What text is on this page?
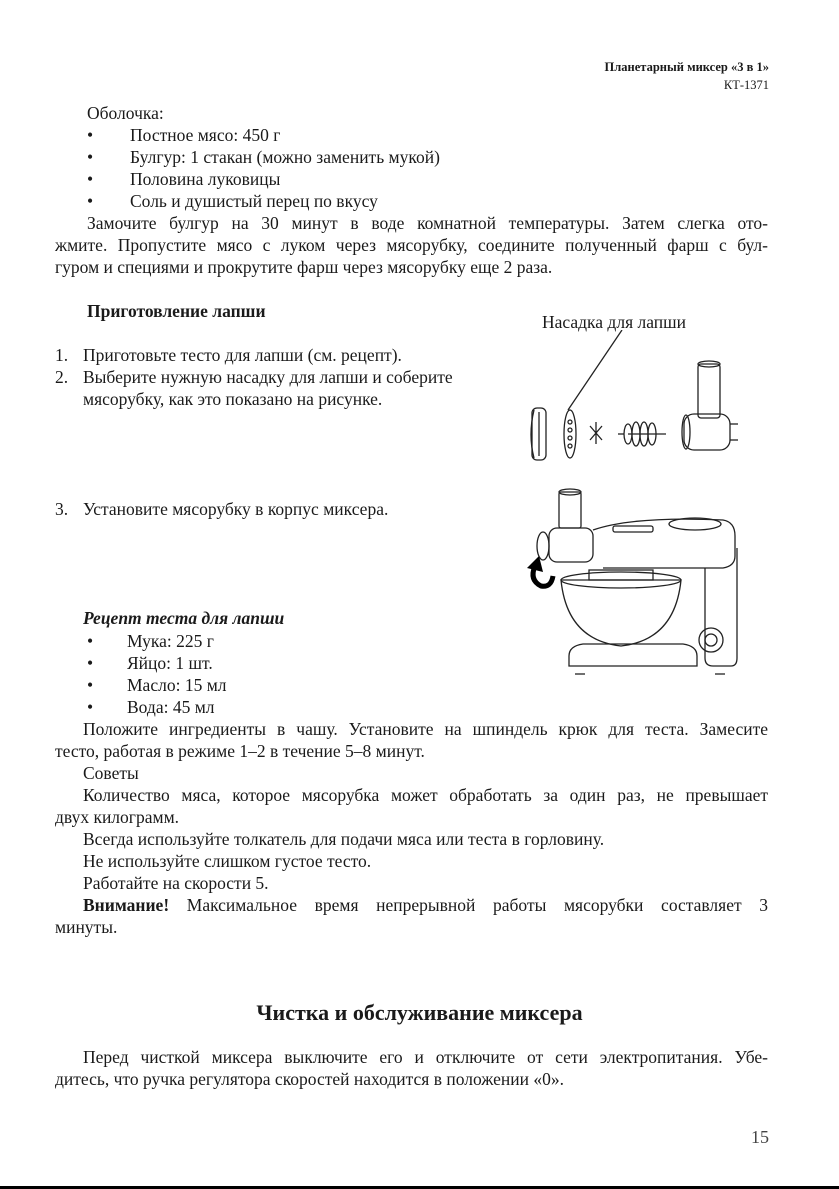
Планетарный миксер «3 в 1»
КТ-1371
Оболочка:
• Постное мясо: 450 г
• Булгур: 1 стакан (можно заменить мукой)
• Половина луковицы
• Соль и душистый перец по вкусу
Замочите булгур на 30 минут в воде комнатной температуры. Затем слегка ото-
жмите. Пропустите мясо с луком через мясорубку, соедините полученный фарш с бул-
гуром и специями и прокрутите фарш через мясорубку еще 2 раза.
Приготовление лапши
1. Приготовьте тесто для лапши (см. рецепт).
2. Выберите нужную насадку для лапши и соберите
мясорубку, как это показано на рисунке.
3. Установите мясорубку в корпус миксера.
Насадка для лапши
Рецепт теста для лапши
• Мука: 225 г
• Яйцо: 1 шт.
• Масло: 15 мл
• Вода: 45 мл
Положите ингредиенты в чашу. Установите на шпиндель крюк для теста. Замесите
тесто, работая в режиме 1–2 в течение 5–8 минут.
Советы
Количество мяса, которое мясорубка может обработать за один раз, не превышает
двух килограмм.
Всегда используйте толкатель для подачи мяса или теста в горловину.
Не используйте слишком густое тесто.
Работайте на скорости 5.
Внимание! Максимальное время непрерывной работы мясорубки составляет 3
минуты.
Чистка и обслуживание миксера
Перед чисткой миксера выключите его и отключите от сети электропитания. Убе-
дитесь, что ручка регулятора скоростей находится в положении «0».
15
